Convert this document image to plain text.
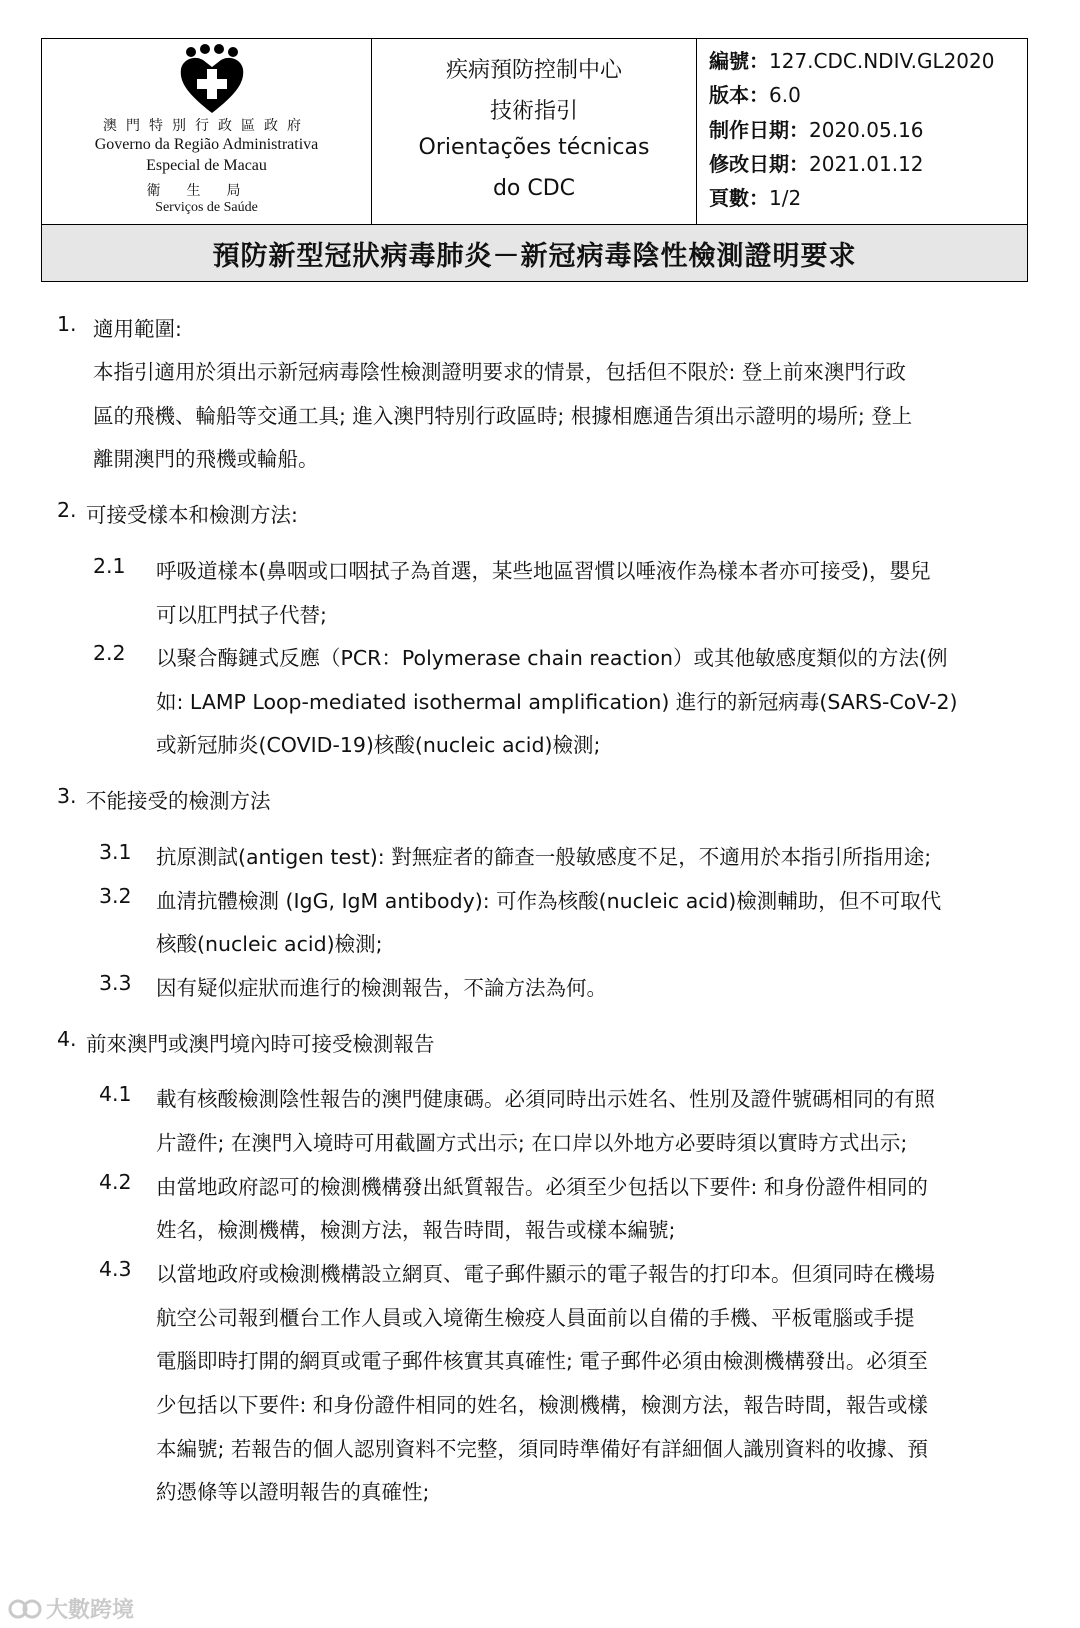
澳門特別行政區政府
Governo da Região Administrativa
Especial de Macau
衛生局
Serviços de Saúde
疾病預防控制中心
技術指引
Orientações técnicas
do CDC
編號：127.CDC.NDIV.GL2020
版本：6.0
制作日期：2020.05.16
修改日期：2021.01.12
頁數：1/2
預防新型冠狀病毒肺炎－新冠病毒陰性檢測證明要求
1. 適用範圍:
本指引適用於須出示新冠病毒陰性檢測證明要求的情景，包括但不限於: 登上前來澳門行政
區的飛機、輪船等交通工具; 進入澳門特別行政區時; 根據相應通告須出示證明的場所; 登上
離開澳門的飛機或輪船。
2. 可接受樣本和檢測方法:
2.1 呼吸道樣本(鼻咽或口咽拭子為首選，某些地區習慣以唾液作為樣本者亦可接受)，嬰兒
可以肛門拭子代替;
2.2 以聚合酶鏈式反應（PCR：Polymerase chain reaction）或其他敏感度類似的方法(例
如: LAMP Loop-mediated isothermal amplification) 進行的新冠病毒(SARS-CoV-2)
或新冠肺炎(COVID-19)核酸(nucleic acid)檢測;
3. 不能接受的檢測方法
3.1 抗原測試(antigen test): 對無症者的篩查一般敏感度不足，不適用於本指引所指用途;
3.2 血清抗體檢測 (IgG, IgM antibody): 可作為核酸(nucleic acid)檢測輔助，但不可取代
核酸(nucleic acid)檢測;
3.3 因有疑似症狀而進行的檢測報告，不論方法為何。
4. 前來澳門或澳門境內時可接受檢測報告
4.1 載有核酸檢測陰性報告的澳門健康碼。必須同時出示姓名、性別及證件號碼相同的有照
片證件; 在澳門入境時可用截圖方式出示; 在口岸以外地方必要時須以實時方式出示;
4.2 由當地政府認可的檢測機構發出紙質報告。必須至少包括以下要件: 和身份證件相同的
姓名，檢測機構，檢測方法，報告時間，報告或樣本編號;
4.3 以當地政府或檢測機構設立網頁、電子郵件顯示的電子報告的打印本。但須同時在機場
航空公司報到櫃台工作人員或入境衛生檢疫人員面前以自備的手機、平板電腦或手提
電腦即時打開的網頁或電子郵件核實其真確性; 電子郵件必須由檢測機構發出。必須至
少包括以下要件: 和身份證件相同的姓名，檢測機構，檢測方法，報告時間，報告或樣
本編號; 若報告的個人認別資料不完整，須同時準備好有詳細個人識別資料的收據、預
約憑條等以證明報告的真確性;
大數跨境
